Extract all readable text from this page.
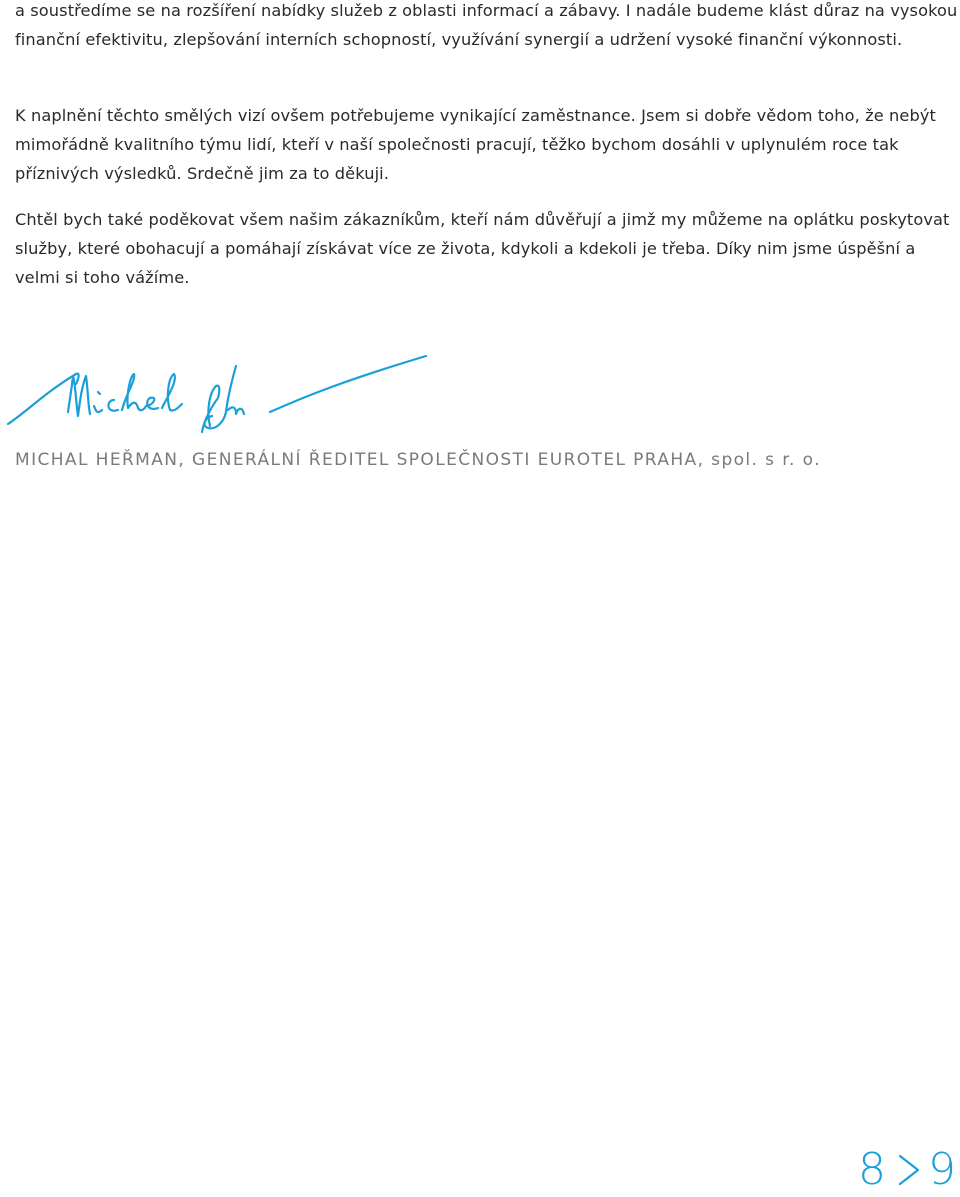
a soustředíme se na rozšíření nabídky služeb z oblasti informací a zábavy. I nadále budeme klást důraz na vysokou finanční efektivitu, zlepšování interních schopností, využívání synergií a udržení vysoké finanční výkonnosti.

K naplnění těchto smělých vizí ovšem potřebujeme vynikající zaměstnance. Jsem si dobře vědom toho, že nebýt mimořádně kvalitního týmu lidí, kteří v naší společnosti pracují, těžko bychom dosáhli v uplynulém roce tak příznivých výsledků. Srdečně jim za to děkuji.

Chtěl bych také poděkovat všem našim zákazníkům, kteří nám důvěřují a jimž my můžeme na oplátku poskytovat služby, které obohacují a pomáhají získávat více ze života, kdykoli a kdekoli je třeba. Díky nim jsme úspěšní a velmi si toho vážíme.

MICHAL HEŘMAN, GENERÁLNÍ ŘEDITEL SPOLEČNOSTI EUROTEL PRAHA, spol. s r. o.
8 9
